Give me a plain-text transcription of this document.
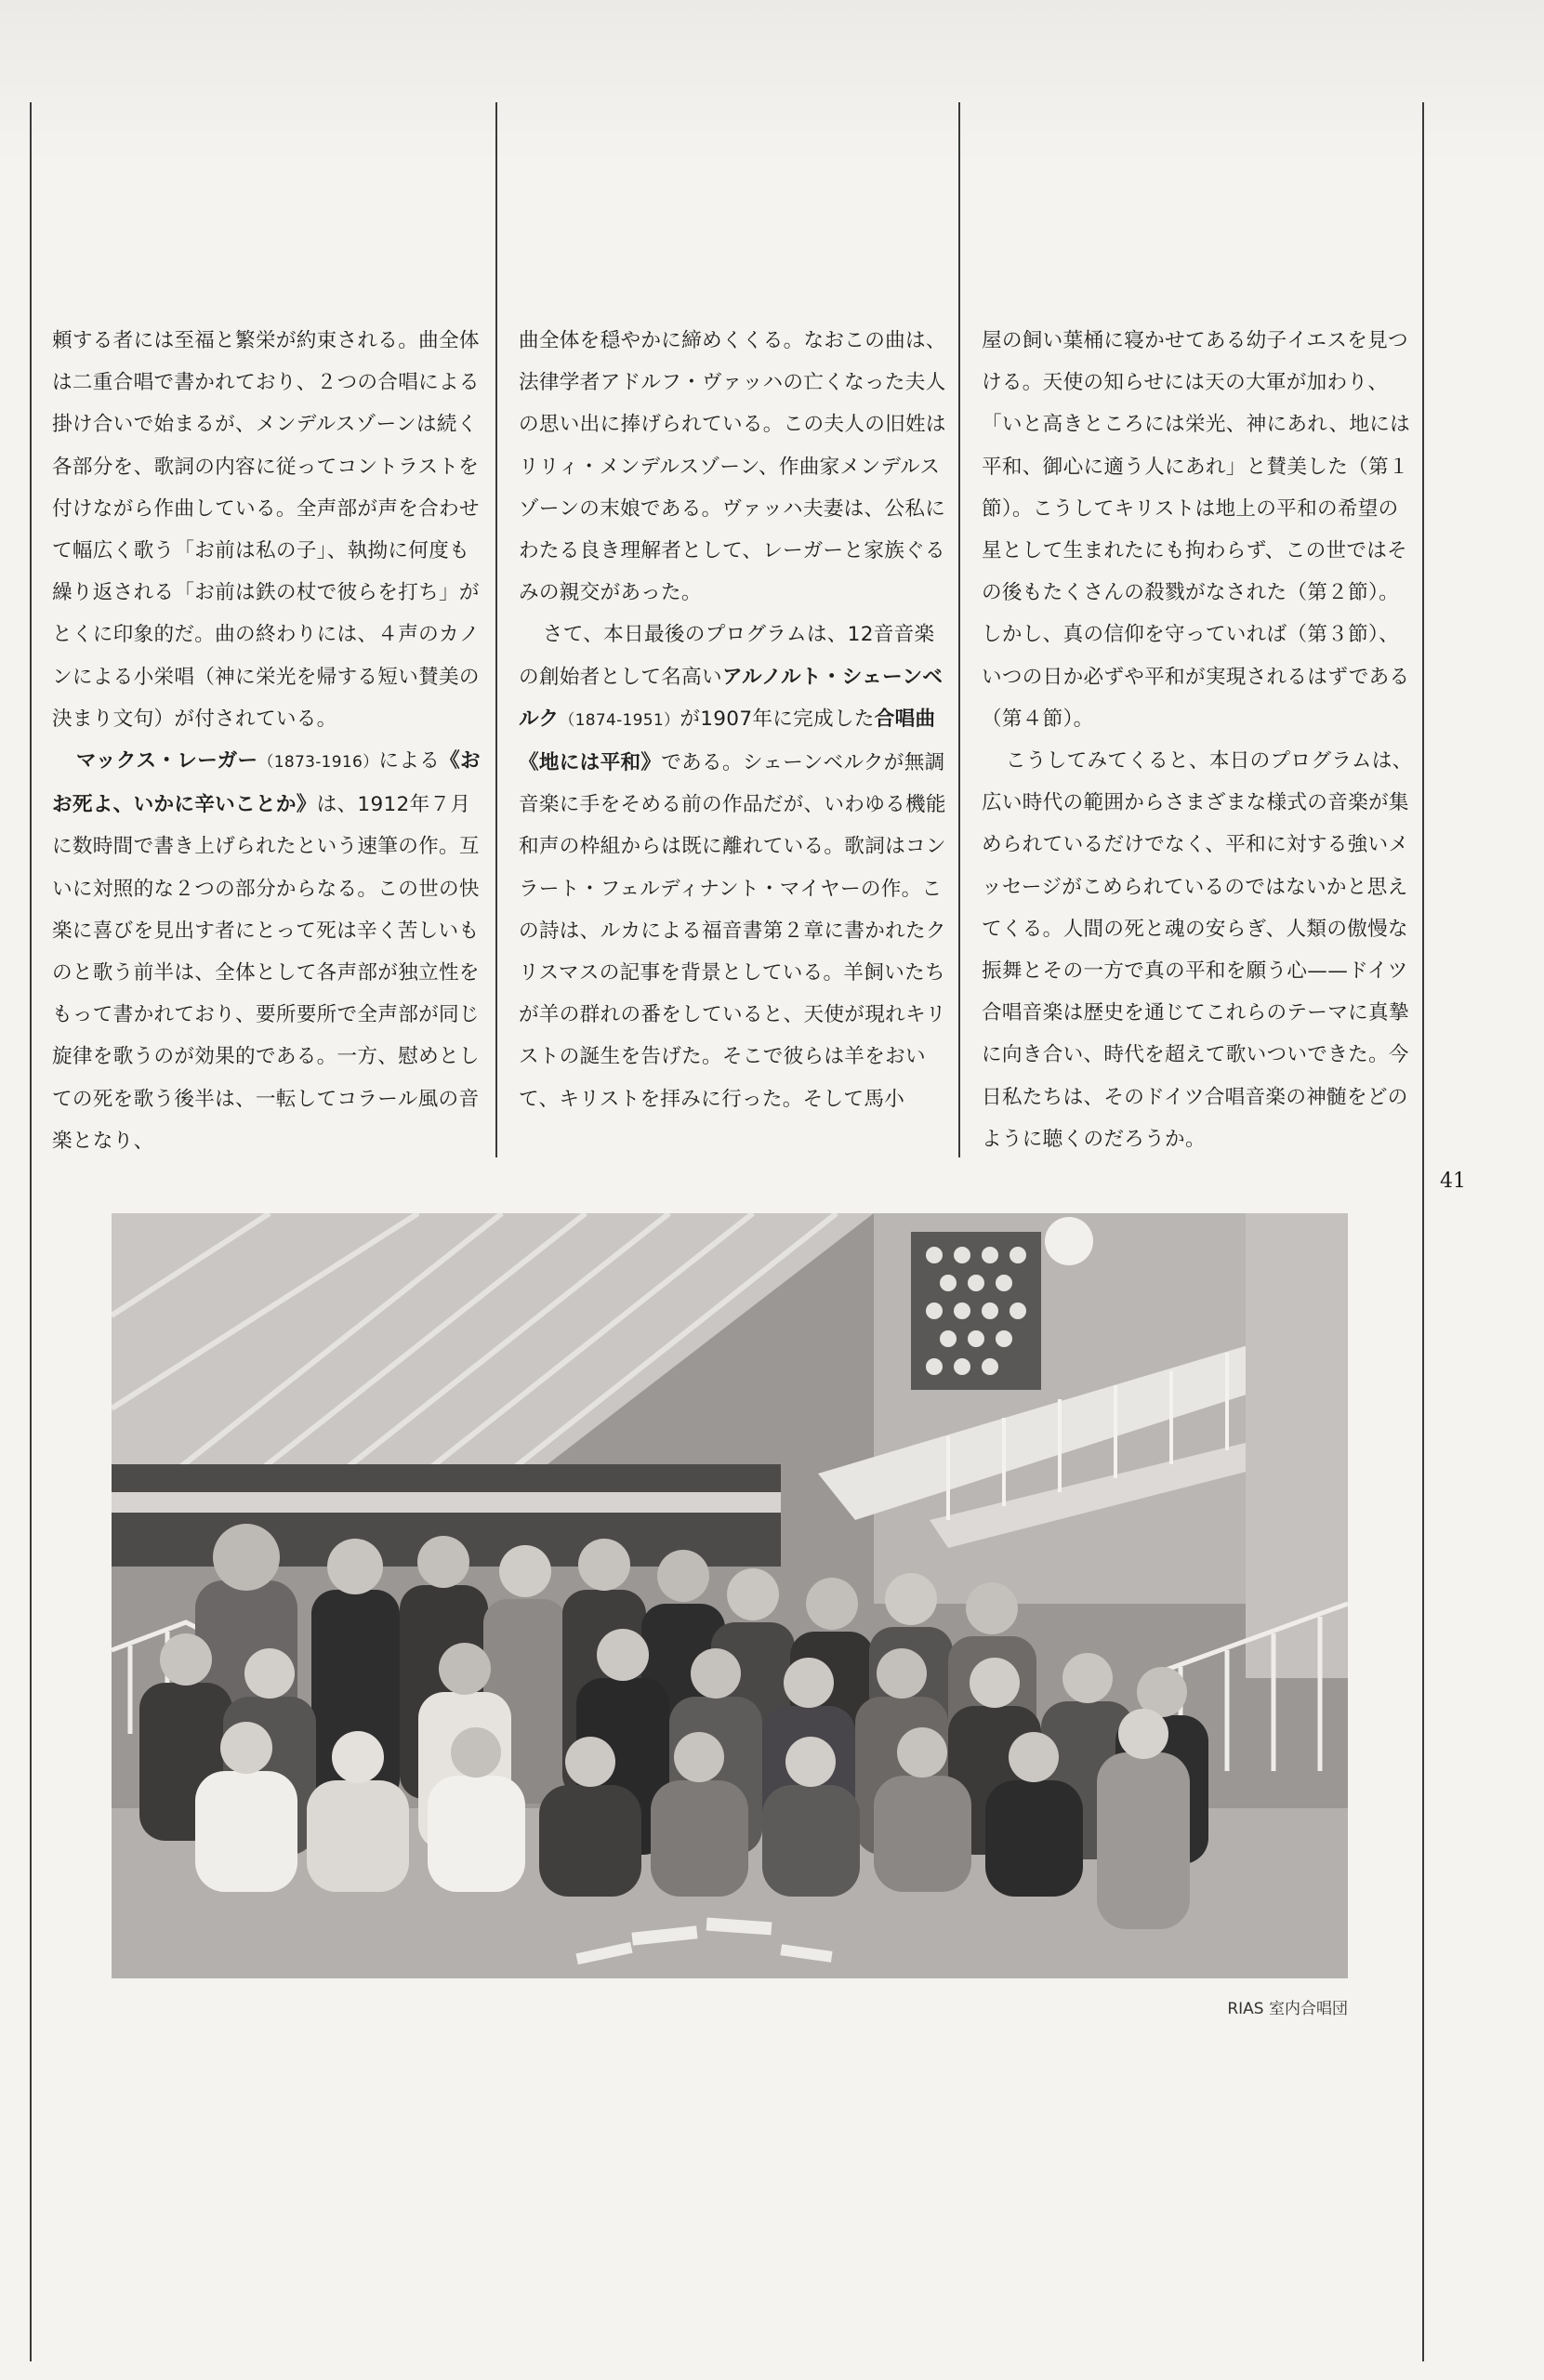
頼する者には至福と繁栄が約束される。曲全体は二重合唱で書かれており、２つの合唱による掛け合いで始まるが、メンデルスゾーンは続く各部分を、歌詞の内容に従ってコントラストを付けながら作曲している。全声部が声を合わせて幅広く歌う「お前は私の子」、執拗に何度も繰り返される「お前は鉄の杖で彼らを打ち」がとくに印象的だ。曲の終わりには、４声のカノンによる小栄唱（神に栄光を帰する短い賛美の決まり文句）が付されている。

マックス・レーガー（1873-1916）による《おお死よ、いかに辛いことか》は、1912年７月に数時間で書き上げられたという速筆の作。互いに対照的な２つの部分からなる。この世の快楽に喜びを見出す者にとって死は辛く苦しいものと歌う前半は、全体として各声部が独立性をもって書かれており、要所要所で全声部が同じ旋律を歌うのが効果的である。一方、慰めとしての死を歌う後半は、一転してコラール風の音楽となり、

曲全体を穏やかに締めくくる。なおこの曲は、法律学者アドルフ・ヴァッハの亡くなった夫人の思い出に捧げられている。この夫人の旧姓はリリィ・メンデルスゾーン、作曲家メンデルスゾーンの末娘である。ヴァッハ夫妻は、公私にわたる良き理解者として、レーガーと家族ぐるみの親交があった。

さて、本日最後のプログラムは、12音音楽の創始者として名高いアルノルト・シェーンベルク（1874-1951）が1907年に完成した合唱曲《地には平和》である。シェーンベルクが無調音楽に手をそめる前の作品だが、いわゆる機能和声の枠組からは既に離れている。歌詞はコンラート・フェルディナント・マイヤーの作。この詩は、ルカによる福音書第２章に書かれたクリスマスの記事を背景としている。羊飼いたちが羊の群れの番をしていると、天使が現れキリストの誕生を告げた。そこで彼らは羊をおいて、キリストを拝みに行った。そして馬小

屋の飼い葉桶に寝かせてある幼子イエスを見つける。天使の知らせには天の大軍が加わり、「いと高きところには栄光、神にあれ、地には平和、御心に適う人にあれ」と賛美した（第１節）。こうしてキリストは地上の平和の希望の星として生まれたにも拘わらず、この世ではその後もたくさんの殺戮がなされた（第２節）。しかし、真の信仰を守っていれば（第３節）、いつの日か必ずや平和が実現されるはずである（第４節）。

こうしてみてくると、本日のプログラムは、広い時代の範囲からさまざまな様式の音楽が集められているだけでなく、平和に対する強いメッセージがこめられているのではないかと思えてくる。人間の死と魂の安らぎ、人類の傲慢な振舞とその一方で真の平和を願う心——ドイツ合唱音楽は歴史を通じてこれらのテーマに真摯に向き合い、時代を超えて歌いついできた。今日私たちは、そのドイツ合唱音楽の神髄をどのように聴くのだろうか。

41
RIAS 室内合唱団
